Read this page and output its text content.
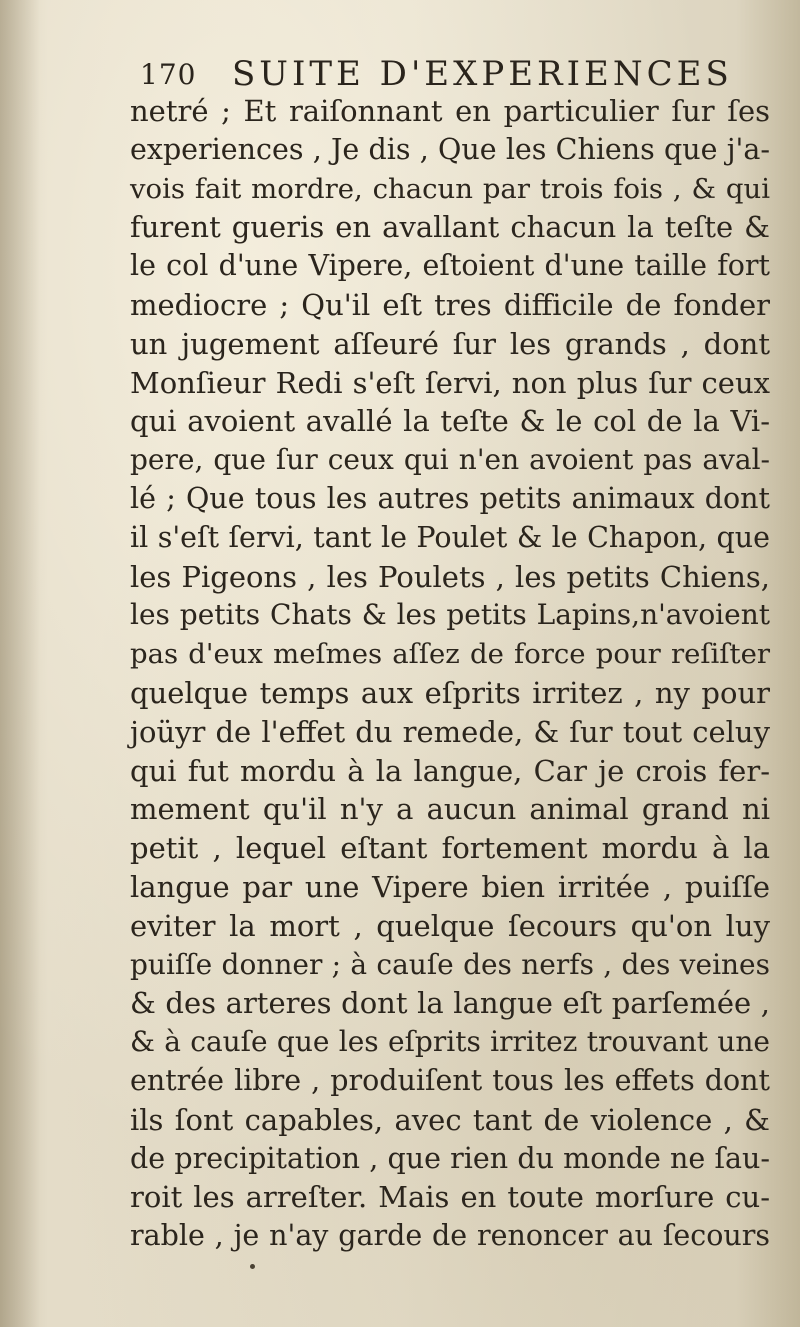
170 SUITE D'EXPERIENCES
netré ; Et raiſonnant en particulier ſur ſes
experiences , Je dis , Que les Chiens que j'a-
vois fait mordre, chacun par trois fois , & qui
furent gueris en avallant chacun la teſte &
le col d'une Vipere, eſtoient d'une taille fort
mediocre ; Qu'il eſt tres difficile de fonder
un jugement aſſeuré ſur les grands , dont
Monſieur Redi s'eſt ſervi, non plus ſur ceux
qui avoient avallé la teſte & le col de la Vi-
pere, que ſur ceux qui n'en avoient pas aval-
lé ; Que tous les autres petits animaux dont
il s'eſt ſervi, tant le Poulet & le Chapon, que
les Pigeons , les Poulets , les petits Chiens,
les petits Chats & les petits Lapins,n'avoient
pas d'eux meſmes aſſez de force pour reſiſter
quelque temps aux eſprits irritez , ny pour
joüyr de l'effet du remede, & ſur tout celuy
qui fut mordu à la langue, Car je crois fer-
mement qu'il n'y a aucun animal grand ni
petit , lequel eſtant fortement mordu à la
langue par une Vipere bien irritée , puiſſe
eviter la mort , quelque ſecours qu'on luy
puiſſe donner ; à cauſe des nerfs , des veines
& des arteres dont la langue eſt parſemée ,
& à cauſe que les eſprits irritez trouvant une
entrée libre , produiſent tous les effets dont
ils ſont capables, avec tant de violence , &
de precipitation , que rien du monde ne ſau-
roit les arreſter. Mais en toute morſure cu-
rable , je n'ay garde de renoncer au ſecours
